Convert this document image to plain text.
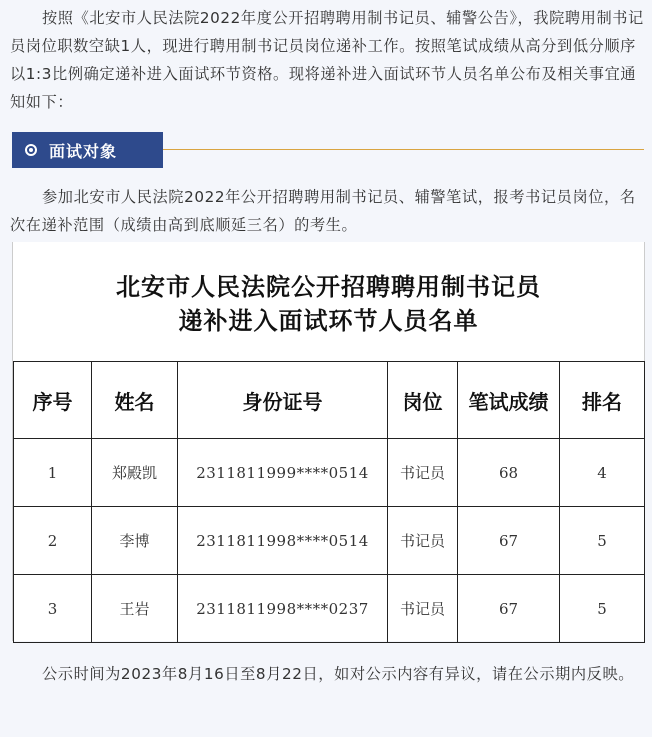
按照《北安市人民法院2022年度公开招聘聘用制书记员、辅警公告》，我院聘用制书记员岗位职数空缺1人，现进行聘用制书记员岗位递补工作。按照笔试成绩从高分到低分顺序以1:3比例确定递补进入面试环节资格。现将递补进入面试环节人员名单公布及相关事宜通知如下：

面试对象

参加北安市人民法院2022年公开招聘聘用制书记员、辅警笔试，报考书记员岗位，名次在递补范围（成绩由高到底顺延三名）的考生。

北安市人民法院公开招聘聘用制书记员
递补进入面试环节人员名单
序号	姓名	身份证号	岗位	笔试成绩	排名
1	郑殿凯	2311811999****0514	书记员	68	4
2	李博	2311811998****0514	书记员	67	5
3	王岩	2311811998****0237	书记员	67	5

公示时间为2023年8月16日至8月22日，如对公示内容有异议，请在公示期内反映。
